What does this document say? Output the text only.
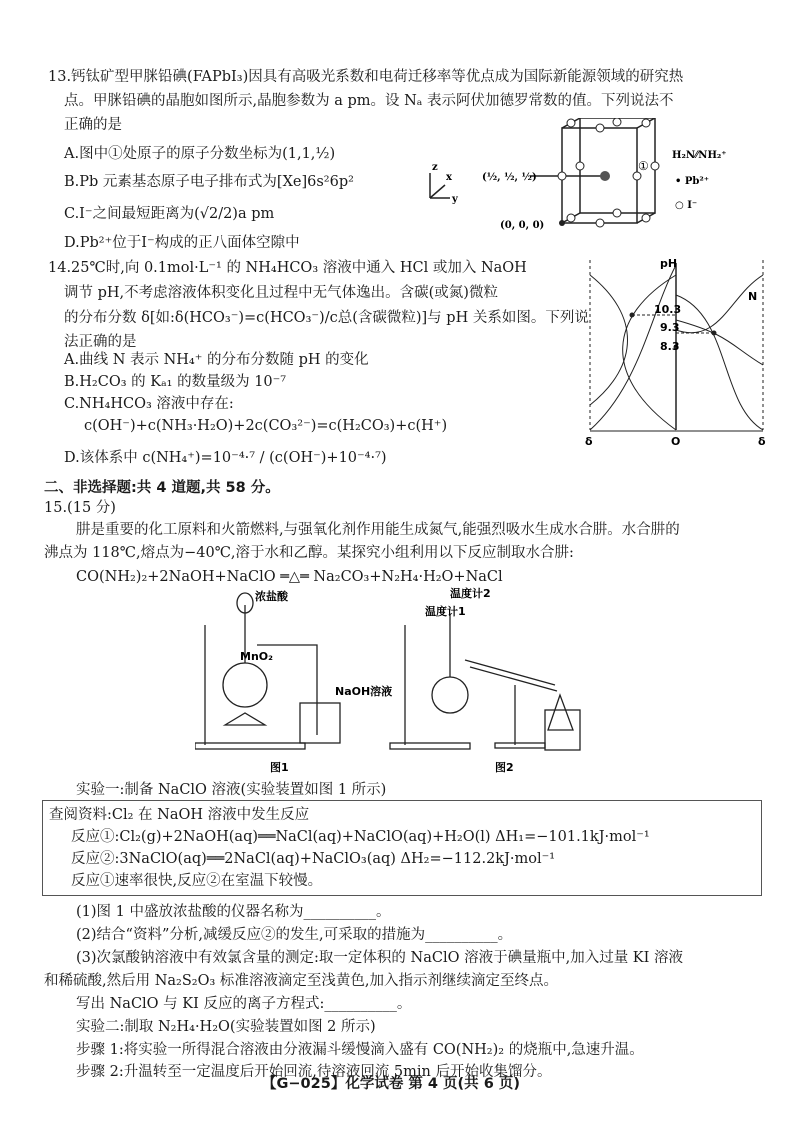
13.钙钛矿型甲脒铅碘(FAPbI₃)因具有高吸光系数和电荷迁移率等优点成为国际新能源领域的研究热
点。甲脒铅碘的晶胞如图所示,晶胞参数为 a pm。设 Nₐ 表示阿伏加德罗常数的值。下列说法不
正确的是
A.图中①处原子的原子分数坐标为(1,1,½)
B.Pb 元素基态原子电子排布式为[Xe]6s²6p²
C.I⁻之间最短距离为(√2/2)a pm
D.Pb²⁺位于I⁻构成的正八面体空隙中
z
x
y
(½, ½, ½)
(0, 0, 0)
①
H₂N⁄⁄NH₂⁺
• Pb²⁺
○ I⁻
14.25℃时,向 0.1mol·L⁻¹ 的 NH₄HCO₃ 溶液中通入 HCl 或加入 NaOH
调节 pH,不考虑溶液体积变化且过程中无气体逸出。含碳(或氮)微粒
的分布分数 δ[如:δ(HCO₃⁻)=c(HCO₃⁻)/c总(含碳微粒)]与 pH 关系如图。下列说
法正确的是
A.曲线 N 表示 NH₄⁺ 的分布分数随 pH 的变化
B.H₂CO₃ 的 Kₐ₁ 的数量级为 10⁻⁷
C.NH₄HCO₃ 溶液中存在:
c(OH⁻)+c(NH₃·H₂O)+2c(CO₃²⁻)=c(H₂CO₃)+c(H⁺)
D.该体系中 c(NH₄⁺)=10⁻⁴·⁷ / (c(OH⁻)+10⁻⁴·⁷)
pH
10.3
9.3
8.3
N
δ	O	δ
二、非选择题:共 4 道题,共 58 分。
15.(15 分)
肼是重要的化工原料和火箭燃料,与强氧化剂作用能生成氮气,能强烈吸水生成水合肼。水合肼的
沸点为 118℃,熔点为−40℃,溶于水和乙醇。某探究小组利用以下反应制取水合肼:
CO(NH₂)₂+2NaOH+NaClO ═△═ Na₂CO₃+N₂H₄·H₂O+NaCl
浓盐酸
MnO₂
NaOH溶液
图1
温度计2
温度计1
图2
实验一:制备 NaClO 溶液(实验装置如图 1 所示)
查阅资料:Cl₂ 在 NaOH 溶液中发生反应
反应①:Cl₂(g)+2NaOH(aq)══NaCl(aq)+NaClO(aq)+H₂O(l) ΔH₁=−101.1kJ·mol⁻¹
反应②:3NaClO(aq)══2NaCl(aq)+NaClO₃(aq) ΔH₂=−112.2kJ·mol⁻¹
反应①速率很快,反应②在室温下较慢。
(1)图 1 中盛放浓盐酸的仪器名称为__________。
(2)结合“资料”分析,减缓反应②的发生,可采取的措施为__________。
(3)次氯酸钠溶液中有效氯含量的测定:取一定体积的 NaClO 溶液于碘量瓶中,加入过量 KI 溶液
和稀硫酸,然后用 Na₂S₂O₃ 标准溶液滴定至浅黄色,加入指示剂继续滴定至终点。
写出 NaClO 与 KI 反应的离子方程式:__________。
实验二:制取 N₂H₄·H₂O(实验装置如图 2 所示)
步骤 1:将实验一所得混合溶液由分液漏斗缓慢滴入盛有 CO(NH₂)₂ 的烧瓶中,急速升温。
步骤 2:升温转至一定温度后开始回流,待溶液回流 5min 后开始收集馏分。
【G−025】化学试卷 第 4 页(共 6 页)
